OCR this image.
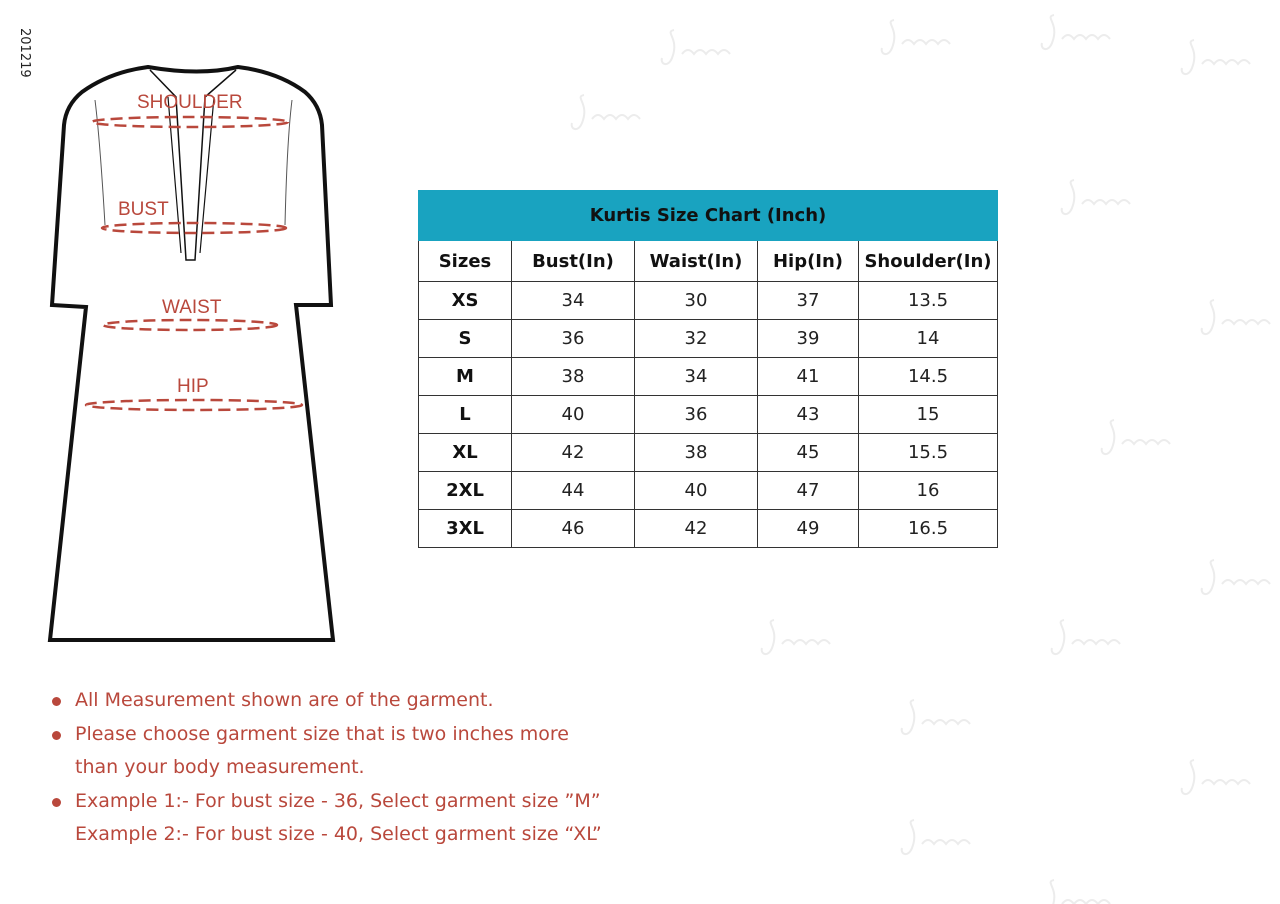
201219
SHOULDER
BUST
WAIST
HIP
Kurtis Size Chart (Inch)				
Sizes	Bust(In)	Waist(In)	Hip(In)	Shoulder(In)
XS	34	30	37	13.5
S	36	32	39	14
M	38	34	41	14.5
L	40	36	43	15
XL	42	38	45	15.5
2XL	44	40	47	16
3XL	46	42	49	16.5
All Measurement shown are of the garment.
Please choose garment size that is two inches more
than your body measurement.
Example 1:- For bust size - 36, Select garment size ”M”
Example 2:- For bust size - 40, Select garment size “XL”
